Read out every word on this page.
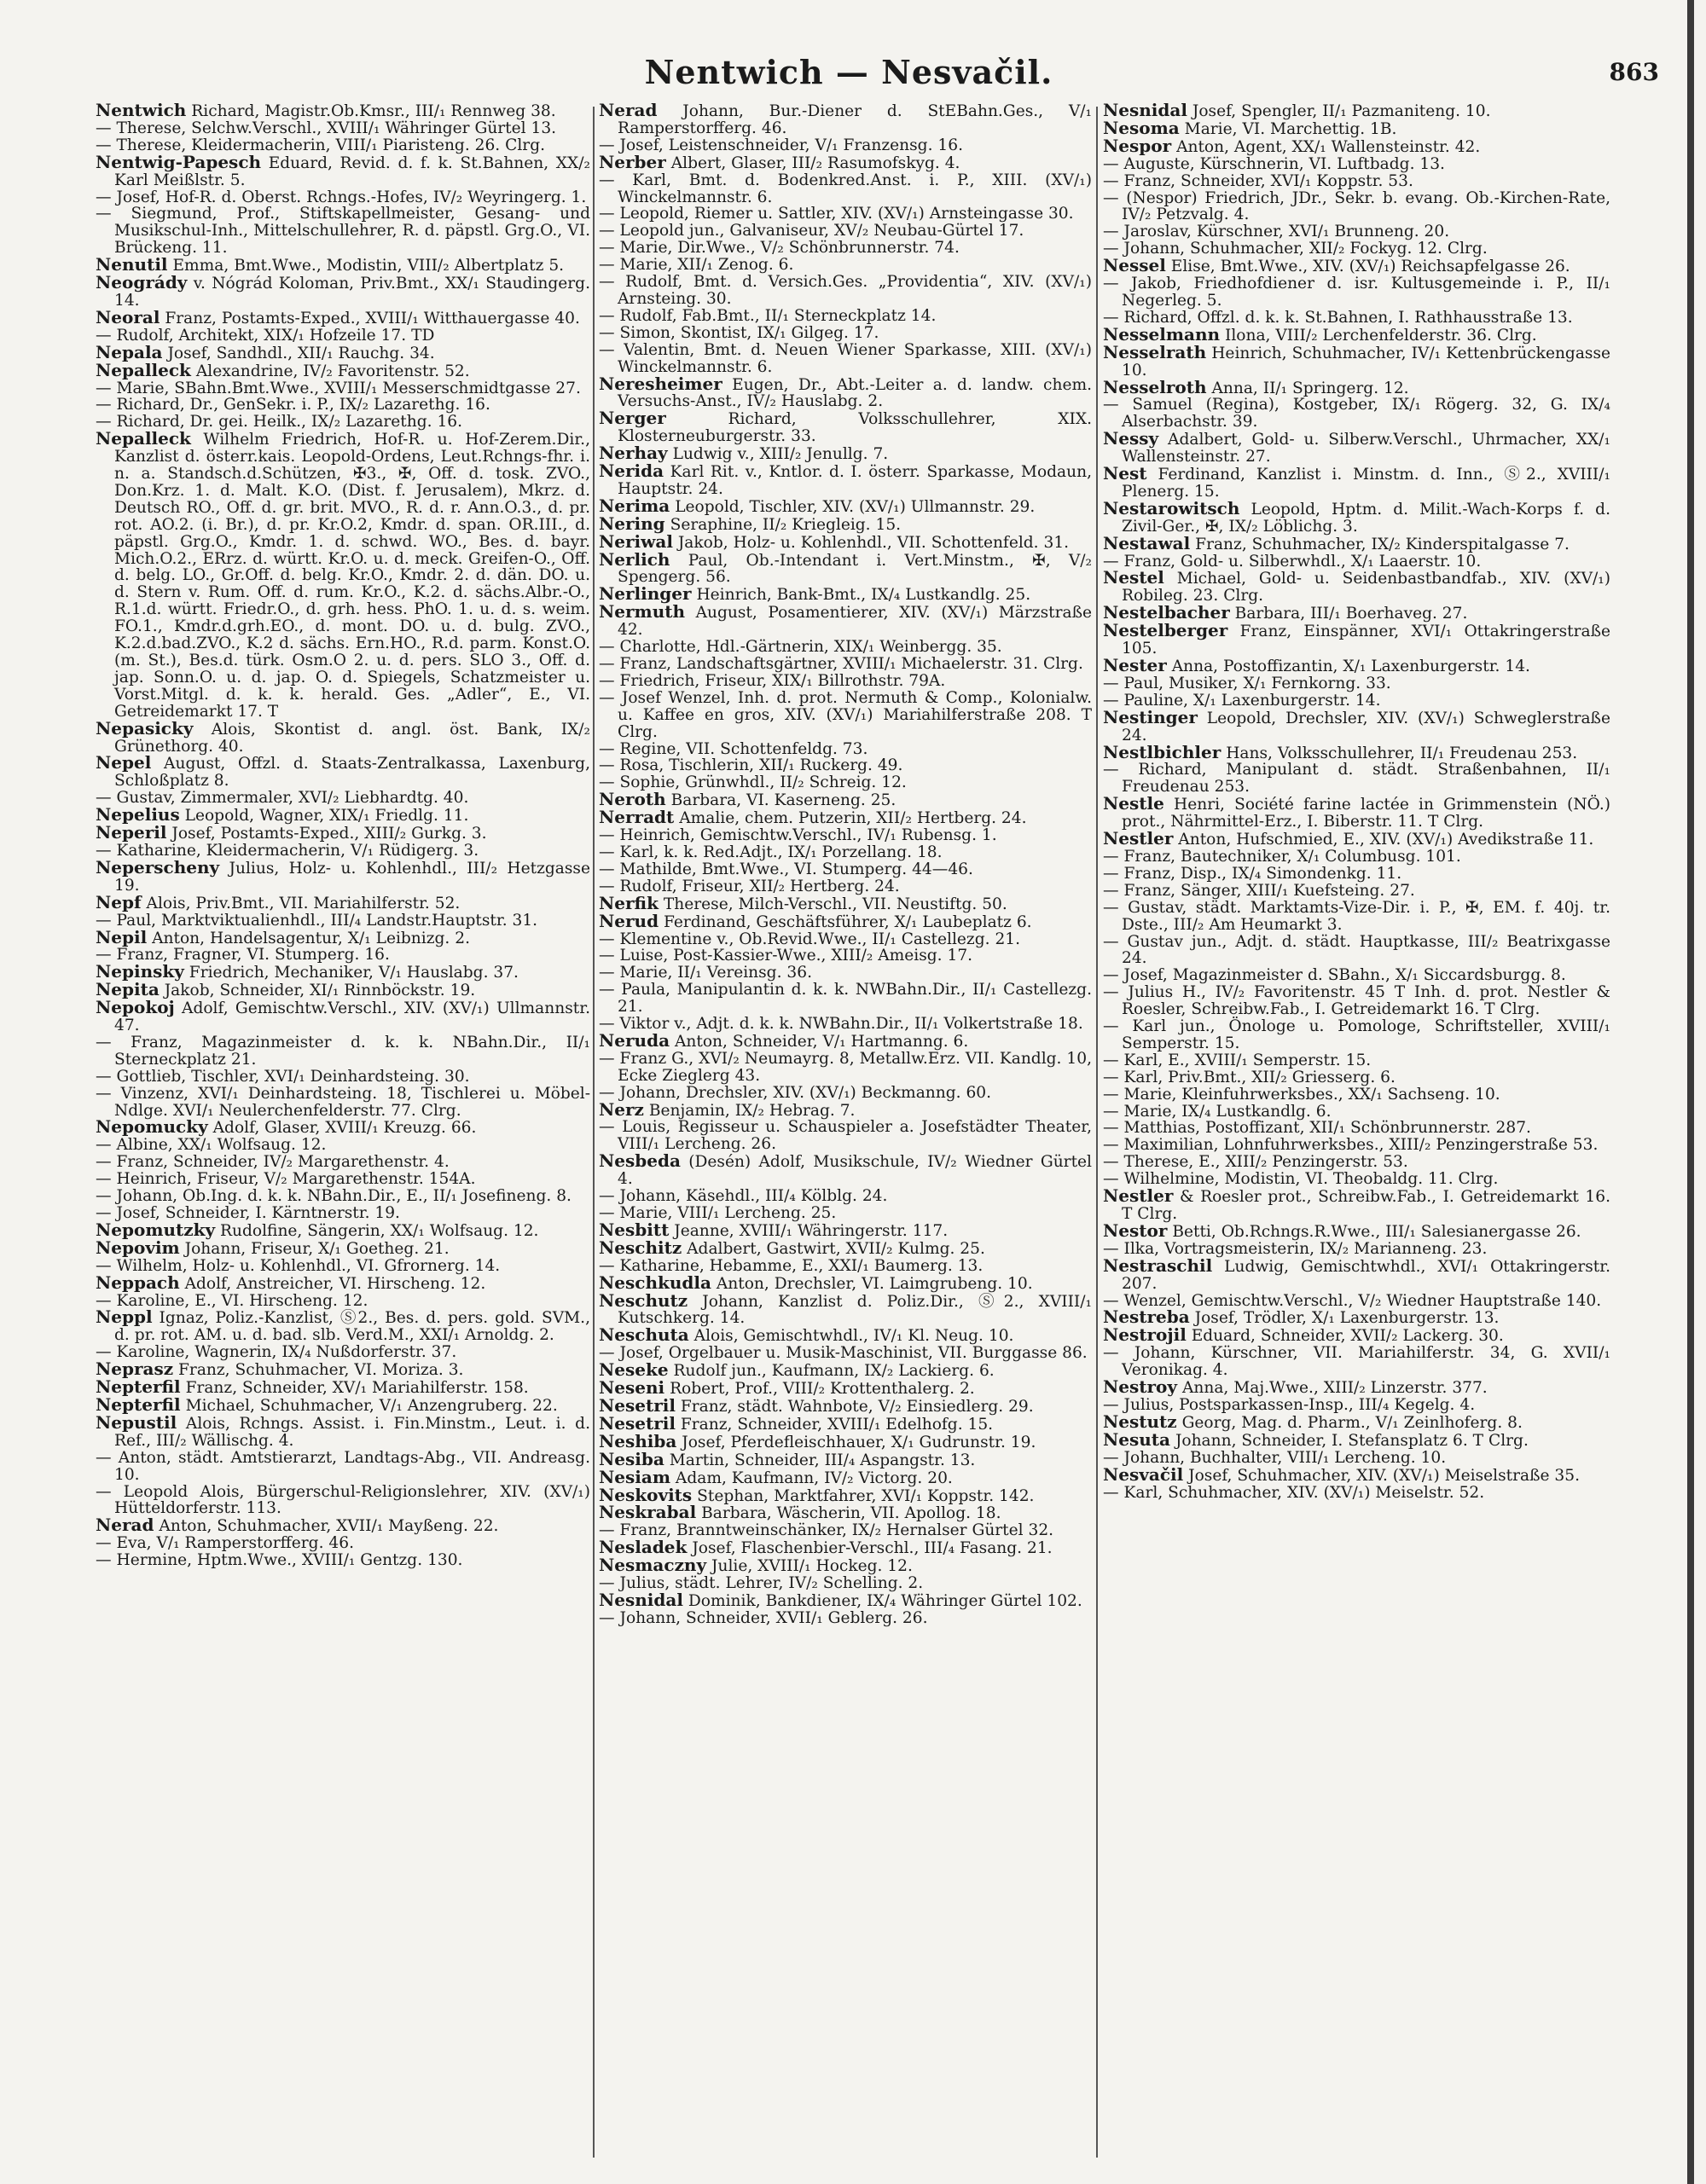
Nentwich — Nesvačil.	863

Nentwich Richard, Magistr.Ob.Kmsr., III/₁ Rennweg 38.

— Therese, Selchw.Verschl., XVIII/₁ Währinger Gürtel 13.

— Therese, Kleidermacherin, VIII/₁ Piaristeng. 26. Clrg.

Nentwig-Papesch Eduard, Revid. d. f. k. St.Bahnen, XX/₂ Karl Meißlstr. 5.

— Josef, Hof-R. d. Oberst. Rchngs.-Hofes, IV/₂ Weyringerg. 1.

— Siegmund, Prof., Stiftskapellmeister, Gesang- und Musikschul-Inh., Mittelschullehrer, R. d. päpstl. Grg.O., VI. Brückeng. 11.

Nenutil Emma, Bmt.Wwe., Modistin, VIII/₂ Albertplatz 5.

Neogrády v. Nógrád Koloman, Priv.Bmt., XX/₁ Staudingerg. 14.

Neoral Franz, Postamts-Exped., XVIII/₁ Witthauergasse 40.

— Rudolf, Architekt, XIX/₁ Hofzeile 17. TD

Nepala Josef, Sandhdl., XII/₁ Rauchg. 34.

Nepalleck Alexandrine, IV/₂ Favoritenstr. 52.

— Marie, SBahn.Bmt.Wwe., XVIII/₁ Messerschmidtgasse 27.

— Richard, Dr., GenSekr. i. P., IX/₂ Lazarethg. 16.

— Richard, Dr. gei. Heilk., IX/₂ Lazarethg. 16.

Nepalleck Wilhelm Friedrich, Hof-R. u. Hof-Zerem.Dir., Kanzlist d. österr.kais. Leopold-Ordens, Leut.Rchngs-fhr. i. n. a. Standsch.d.Schützen, ✠3., ✠, Off. d. tosk. ZVO., Don.Krz. 1. d. Malt. K.O. (Dist. f. Jerusalem), Mkrz. d. Deutsch RO., Off. d. gr. brit. MVO., R. d. r. Ann.O.3., d. pr. rot. AO.2. (i. Br.), d. pr. Kr.O.2, Kmdr. d. span. OR.III., d. päpstl. Grg.O., Kmdr. 1. d. schwd. WO., Bes. d. bayr. Mich.O.2., ERrz. d. württ. Kr.O. u. d. meck. Greifen-O., Off. d. belg. LO., Gr.Off. d. belg. Kr.O., Kmdr. 2. d. dän. DO. u. d. Stern v. Rum. Off. d. rum. Kr.O., K.2. d. sächs.Albr.-O., R.1.d. württ. Friedr.O., d. grh. hess. PhO. 1. u. d. s. weim. FO.1., Kmdr.d.grh.EO., d. mont. DO. u. d. bulg. ZVO., K.2.d.bad.ZVO., K.2 d. sächs. Ern.HO., R.d. parm. Konst.O. (m. St.), Bes.d. türk. Osm.O 2. u. d. pers. SLO 3., Off. d. jap. Sonn.O. u. d. jap. O. d. Spiegels, Schatzmeister u. Vorst.Mitgl. d. k. k. herald. Ges. „Adler“, E., VI. Getreidemarkt 17. T

Nepasicky Alois, Skontist d. angl. öst. Bank, IX/₂ Grünethorg. 40.

Nepel August, Offzl. d. Staats-Zentralkassa, Laxenburg, Schloßplatz 8.

— Gustav, Zimmermaler, XVI/₂ Liebhardtg. 40.

Nepelius Leopold, Wagner, XIX/₁ Friedlg. 11.

Neperil Josef, Postamts-Exped., XIII/₂ Gurkg. 3.

— Katharine, Kleidermacherin, V/₁ Rüdigerg. 3.

Neperscheny Julius, Holz- u. Kohlenhdl., III/₂ Hetzgasse 19.

Nepf Alois, Priv.Bmt., VII. Mariahilferstr. 52.

— Paul, Marktviktualienhdl., III/₄ Landstr.Hauptstr. 31.

Nepil Anton, Handelsagentur, X/₁ Leibnizg. 2.

— Franz, Fragner, VI. Stumperg. 16.

Nepinsky Friedrich, Mechaniker, V/₁ Hauslabg. 37.

Nepita Jakob, Schneider, XI/₁ Rinnböckstr. 19.

Nepokoj Adolf, Gemischtw.Verschl., XIV. (XV/₁) Ullmannstr. 47.

— Franz, Magazinmeister d. k. k. NBahn.Dir., II/₁ Sterneckplatz 21.

— Gottlieb, Tischler, XVI/₁ Deinhardsteing. 30.

— Vinzenz, XVI/₁ Deinhardsteing. 18, Tischlerei u. Möbel-Ndlge. XVI/₁ Neulerchenfelderstr. 77. Clrg.

Nepomucky Adolf, Glaser, XVIII/₁ Kreuzg. 66.

— Albine, XX/₁ Wolfsaug. 12.

— Franz, Schneider, IV/₂ Margarethenstr. 4.

— Heinrich, Friseur, V/₂ Margarethenstr. 154A.

— Johann, Ob.Ing. d. k. k. NBahn.Dir., E., II/₁ Josefineng. 8.

— Josef, Schneider, I. Kärntnerstr. 19.

Nepomutzky Rudolfine, Sängerin, XX/₁ Wolfsaug. 12.

Nepovim Johann, Friseur, X/₁ Goetheg. 21.

— Wilhelm, Holz- u. Kohlenhdl., VI. Gfrornerg. 14.

Neppach Adolf, Anstreicher, VI. Hirscheng. 12.

— Karoline, E., VI. Hirscheng. 12.

Neppl Ignaz, Poliz.-Kanzlist, Ⓢ2., Bes. d. pers. gold. SVM., d. pr. rot. AM. u. d. bad. slb. Verd.M., XXI/₁ Arnoldg. 2.

— Karoline, Wagnerin, IX/₄ Nußdorferstr. 37.

Neprasz Franz, Schuhmacher, VI. Moriza. 3.

Nepterfil Franz, Schneider, XV/₁ Mariahilferstr. 158.

Nepterfil Michael, Schuhmacher, V/₁ Anzengruberg. 22.

Nepustil Alois, Rchngs. Assist. i. Fin.Minstm., Leut. i. d. Ref., III/₂ Wällischg. 4.

— Anton, städt. Amtstierarzt, Landtags-Abg., VII. Andreasg. 10.

— Leopold Alois, Bürgerschul-Religionslehrer, XIV. (XV/₁) Hütteldorferstr. 113.

Nerad Anton, Schuhmacher, XVII/₁ Mayßeng. 22.

— Eva, V/₁ Ramperstorfferg. 46.

— Hermine, Hptm.Wwe., XVIII/₁ Gentzg. 130.

Nerad Johann, Bur.-Diener d. StEBahn.Ges., V/₁ Ramperstorfferg. 46.

— Josef, Leistenschneider, V/₁ Franzensg. 16.

Nerber Albert, Glaser, III/₂ Rasumofskyg. 4.

— Karl, Bmt. d. Bodenkred.Anst. i. P., XIII. (XV/₁) Winckelmannstr. 6.

— Leopold, Riemer u. Sattler, XIV. (XV/₁) Arnsteingasse 30.

— Leopold jun., Galvaniseur, XV/₂ Neubau-Gürtel 17.

— Marie, Dir.Wwe., V/₂ Schönbrunnerstr. 74.

— Marie, XII/₁ Zenog. 6.

— Rudolf, Bmt. d. Versich.Ges. „Providentia“, XIV. (XV/₁) Arnsteing. 30.

— Rudolf, Fab.Bmt., II/₁ Sterneckplatz 14.

— Simon, Skontist, IX/₁ Gilgeg. 17.

— Valentin, Bmt. d. Neuen Wiener Sparkasse, XIII. (XV/₁) Winckelmannstr. 6.

Neresheimer Eugen, Dr., Abt.-Leiter a. d. landw. chem. Versuchs-Anst., IV/₂ Hauslabg. 2.

Nerger	Richard, Volksschullehrer, XIX. Klosterneuburgerstr. 33.

Nerhay Ludwig v., XIII/₂ Jenullg. 7.

Nerida Karl Rit. v., Kntlor. d. I. österr. Sparkasse, Modaun, Hauptstr. 24.

Nerima Leopold, Tischler, XIV. (XV/₁) Ullmannstr. 29.

Nering Seraphine, II/₂ Kriegleig. 15.

Neriwal Jakob, Holz- u. Kohlenhdl., VII. Schottenfeld. 31.

Nerlich Paul, Ob.-Intendant i. Vert.Minstm., ✠, V/₂ Spengerg. 56.

Nerlinger Heinrich, Bank-Bmt., IX/₄ Lustkandlg. 25.

Nermuth August, Posamentierer, XIV. (XV/₁) Märzstraße 42.

— Charlotte, Hdl.-Gärtnerin, XIX/₁ Weinbergg. 35.

— Franz, Landschaftsgärtner, XVIII/₁ Michaelerstr. 31. Clrg.

— Friedrich, Friseur, XIX/₁ Billrothstr. 79A.

— Josef Wenzel, Inh. d. prot. Nermuth & Comp., Kolonialw. u. Kaffee en gros, XIV. (XV/₁) Mariahilferstraße 208. T Clrg.

— Regine, VII. Schottenfeldg. 73.

— Rosa, Tischlerin, XII/₁ Ruckerg. 49.

— Sophie, Grünwhdl., II/₂ Schreig. 12.

Neroth Barbara, VI. Kaserneng. 25.

Nerradt Amalie, chem. Putzerin, XII/₂ Hertberg. 24.

— Heinrich, Gemischtw.Verschl., IV/₁ Rubensg. 1.

— Karl, k. k. Red.Adjt., IX/₁ Porzellang. 18.

— Mathilde, Bmt.Wwe., VI. Stumperg. 44—46.

— Rudolf, Friseur, XII/₂ Hertberg. 24.

Nerfik Therese, Milch-Verschl., VII. Neustiftg. 50.

Nerud Ferdinand, Geschäftsführer, X/₁ Laubeplatz 6.

— Klementine v., Ob.Revid.Wwe., II/₁ Castellezg. 21.

— Luise, Post-Kassier-Wwe., XIII/₂ Ameisg. 17.

— Marie, II/₁ Vereinsg. 36.

— Paula, Manipulantin d. k. k. NWBahn.Dir., II/₁ Castellezg. 21.

— Viktor v., Adjt. d. k. k. NWBahn.Dir., II/₁ Volkertstraße 18.

Neruda Anton, Schneider, V/₁ Hartmanng. 6.

— Franz G., XVI/₂ Neumayrg. 8, Metallw.Erz. VII. Kandlg. 10, Ecke Zieglerg 43.

— Johann, Drechsler, XIV. (XV/₁) Beckmanng. 60.

Nerz Benjamin, IX/₂ Hebrag. 7.

— Louis, Regisseur u. Schauspieler a. Josefstädter Theater, VIII/₁ Lercheng. 26.

Nesbeda (Desén) Adolf, Musikschule, IV/₂ Wiedner Gürtel 4.

— Johann, Käsehdl., III/₄ Kölblg. 24.

— Marie, VIII/₁ Lercheng. 25.

Nesbitt Jeanne, XVIII/₁ Währingerstr. 117.

Neschitz Adalbert, Gastwirt, XVII/₂ Kulmg. 25.

— Katharine, Hebamme, E., XXI/₁ Baumerg. 13.

Neschkudla Anton, Drechsler, VI. Laimgrubeng. 10.

Neschutz Johann, Kanzlist d. Poliz.Dir., Ⓢ2., XVIII/₁ Kutschkerg. 14.

Neschuta Alois, Gemischtwhdl., IV/₁ Kl. Neug. 10.

— Josef, Orgelbauer u. Musik-Maschinist, VII. Burggasse 86.

Neseke Rudolf jun., Kaufmann, IX/₂ Lackierg. 6.

Neseni Robert, Prof., VIII/₂ Krottenthalerg. 2.

Nesetril Franz, städt. Wahnbote, V/₂ Einsiedlerg. 29.

Nesetril Franz, Schneider, XVIII/₁ Edelhofg. 15.

Neshiba Josef, Pferdefleischhauer, X/₁ Gudrunstr. 19.

Nesiba Martin, Schneider, III/₄ Aspangstr. 13.

Nesiam Adam, Kaufmann, IV/₂ Victorg. 20.

Neskovits Stephan, Marktfahrer, XVI/₁ Koppstr. 142.

Neskrabal Barbara, Wäscherin, VII. Apollog. 18.

— Franz, Branntweinschänker, IX/₂ Hernalser Gürtel 32.

Nesladek Josef, Flaschenbier-Verschl., III/₄ Fasang. 21.

Nesmaczny Julie, XVIII/₁ Hockeg. 12.

— Julius, städt. Lehrer, IV/₂ Schelling. 2.

Nesnidal Dominik, Bankdiener, IX/₄ Währinger Gürtel 102.

— Johann, Schneider, XVII/₁ Geblerg. 26.

Nesnidal Josef, Spengler, II/₁ Pazmaniteng. 10.

Nesoma Marie, VI. Marchettig. 1B.

Nespor Anton, Agent, XX/₁ Wallensteinstr. 42.

— Auguste, Kürschnerin, VI. Luftbadg. 13.

— Franz, Schneider, XVI/₁ Koppstr. 53.

— (Nespor) Friedrich, JDr., Sekr. b. evang. Ob.-Kirchen-Rate, IV/₂ Petzvalg. 4.

— Jaroslav, Kürschner, XVI/₁ Brunneng. 20.

— Johann, Schuhmacher, XII/₂ Fockyg. 12. Clrg.

Nessel Elise, Bmt.Wwe., XIV. (XV/₁) Reichsapfelgasse 26.

— Jakob, Friedhofdiener d. isr. Kultusgemeinde i. P., II/₁ Negerleg. 5.

— Richard, Offzl. d. k. k. St.Bahnen, I. Rathhausstraße 13.

Nesselmann Ilona, VIII/₂ Lerchenfelderstr. 36. Clrg.

Nesselrath Heinrich, Schuhmacher, IV/₁ Kettenbrückengasse 10.

Nesselroth Anna, II/₁ Springerg. 12.

— Samuel (Regina), Kostgeber, IX/₁ Rögerg. 32, G. IX/₄ Alserbachstr. 39.

Nessy Adalbert, Gold- u. Silberw.Verschl., Uhrmacher, XX/₁ Wallensteinstr. 27.

Nest Ferdinand, Kanzlist i. Minstm. d. Inn., Ⓢ2., XVIII/₁ Plenerg. 15.

Nestarowitsch Leopold, Hptm. d. Milit.-Wach-Korps f. d. Zivil-Ger., ✠, IX/₂ Löblichg. 3.

Nestawal Franz, Schuhmacher, IX/₂ Kinderspitalgasse 7.

— Franz, Gold- u. Silberwhdl., X/₁ Laaerstr. 10.

Nestel Michael, Gold- u. Seidenbastbandfab., XIV. (XV/₁) Robileg. 23. Clrg.

Nestelbacher Barbara, III/₁ Boerhaveg. 27.

Nestelberger Franz, Einspänner, XVI/₁ Ottakringerstraße 105.

Nester Anna, Postoffizantin, X/₁ Laxenburgerstr. 14.

— Paul, Musiker, X/₁ Fernkorng. 33.

— Pauline, X/₁ Laxenburgerstr. 14.

Nestinger Leopold, Drechsler, XIV. (XV/₁) Schweglerstraße 24.

Nestlbichler Hans, Volksschullehrer, II/₁ Freudenau 253.

— Richard, Manipulant d. städt. Straßenbahnen, II/₁ Freudenau 253.

Nestle Henri, Société farine lactée in Grimmenstein (NÖ.) prot., Nährmittel-Erz., I. Biberstr. 11. T Clrg.

Nestler Anton, Hufschmied, E., XIV. (XV/₁) Avedikstraße 11.

— Franz, Bautechniker, X/₁ Columbusg. 101.

— Franz, Disp., IX/₄ Simondenkg. 11.

— Franz, Sänger, XIII/₁ Kuefsteing. 27.

— Gustav, städt. Marktamts-Vize-Dir. i. P., ✠, EM. f. 40j. tr. Dste., III/₂ Am Heumarkt 3.

— Gustav jun., Adjt. d. städt. Hauptkasse, III/₂ Beatrixgasse 24.

— Josef, Magazinmeister d. SBahn., X/₁ Siccardsburgg. 8.

— Julius H., IV/₂ Favoritenstr. 45 T Inh. d. prot. Nestler & Roesler, Schreibw.Fab., I. Getreidemarkt 16. T Clrg.

— Karl jun., Önologe u. Pomologe, Schriftsteller, XVIII/₁ Semperstr. 15.

— Karl, E., XVIII/₁ Semperstr. 15.

— Karl, Priv.Bmt., XII/₂ Griesserg. 6.

— Marie, Kleinfuhrwerksbes., XX/₁ Sachseng. 10.

— Marie, IX/₄ Lustkandlg. 6.

— Matthias, Postoffizant, XII/₁ Schönbrunnerstr. 287.

— Maximilian, Lohnfuhrwerksbes., XIII/₂ Penzingerstraße 53.

— Therese, E., XIII/₂ Penzingerstr. 53.

— Wilhelmine, Modistin, VI. Theobaldg. 11. Clrg.

Nestler & Roesler prot., Schreibw.Fab., I. Getreidemarkt 16. T Clrg.

Nestor Betti, Ob.Rchngs.R.Wwe., III/₁ Salesianergasse 26.

— Ilka, Vortragsmeisterin, IX/₂ Marianneng. 23.

Nestraschil Ludwig, Gemischtwhdl., XVI/₁ Ottakringerstr. 207.

— Wenzel, Gemischtw.Verschl., V/₂ Wiedner Hauptstraße 140.

Nestreba Josef, Trödler, X/₁ Laxenburgerstr. 13.

Nestrojil Eduard, Schneider, XVII/₂ Lackerg. 30.

— Johann, Kürschner, VII. Mariahilferstr. 34, G. XVII/₁ Veronikag. 4.

Nestroy Anna, Maj.Wwe., XIII/₂ Linzerstr. 377.

— Julius, Postsparkassen-Insp., III/₄ Kegelg. 4.

Nestutz Georg, Mag. d. Pharm., V/₁ Zeinlhoferg. 8.

Nesuta Johann, Schneider, I. Stefansplatz 6. T Clrg.

— Johann, Buchhalter, VIII/₁ Lercheng. 10.

Nesvačil Josef, Schuhmacher, XIV. (XV/₁) Meiselstraße 35.

— Karl, Schuhmacher, XIV. (XV/₁) Meiselstr. 52.
